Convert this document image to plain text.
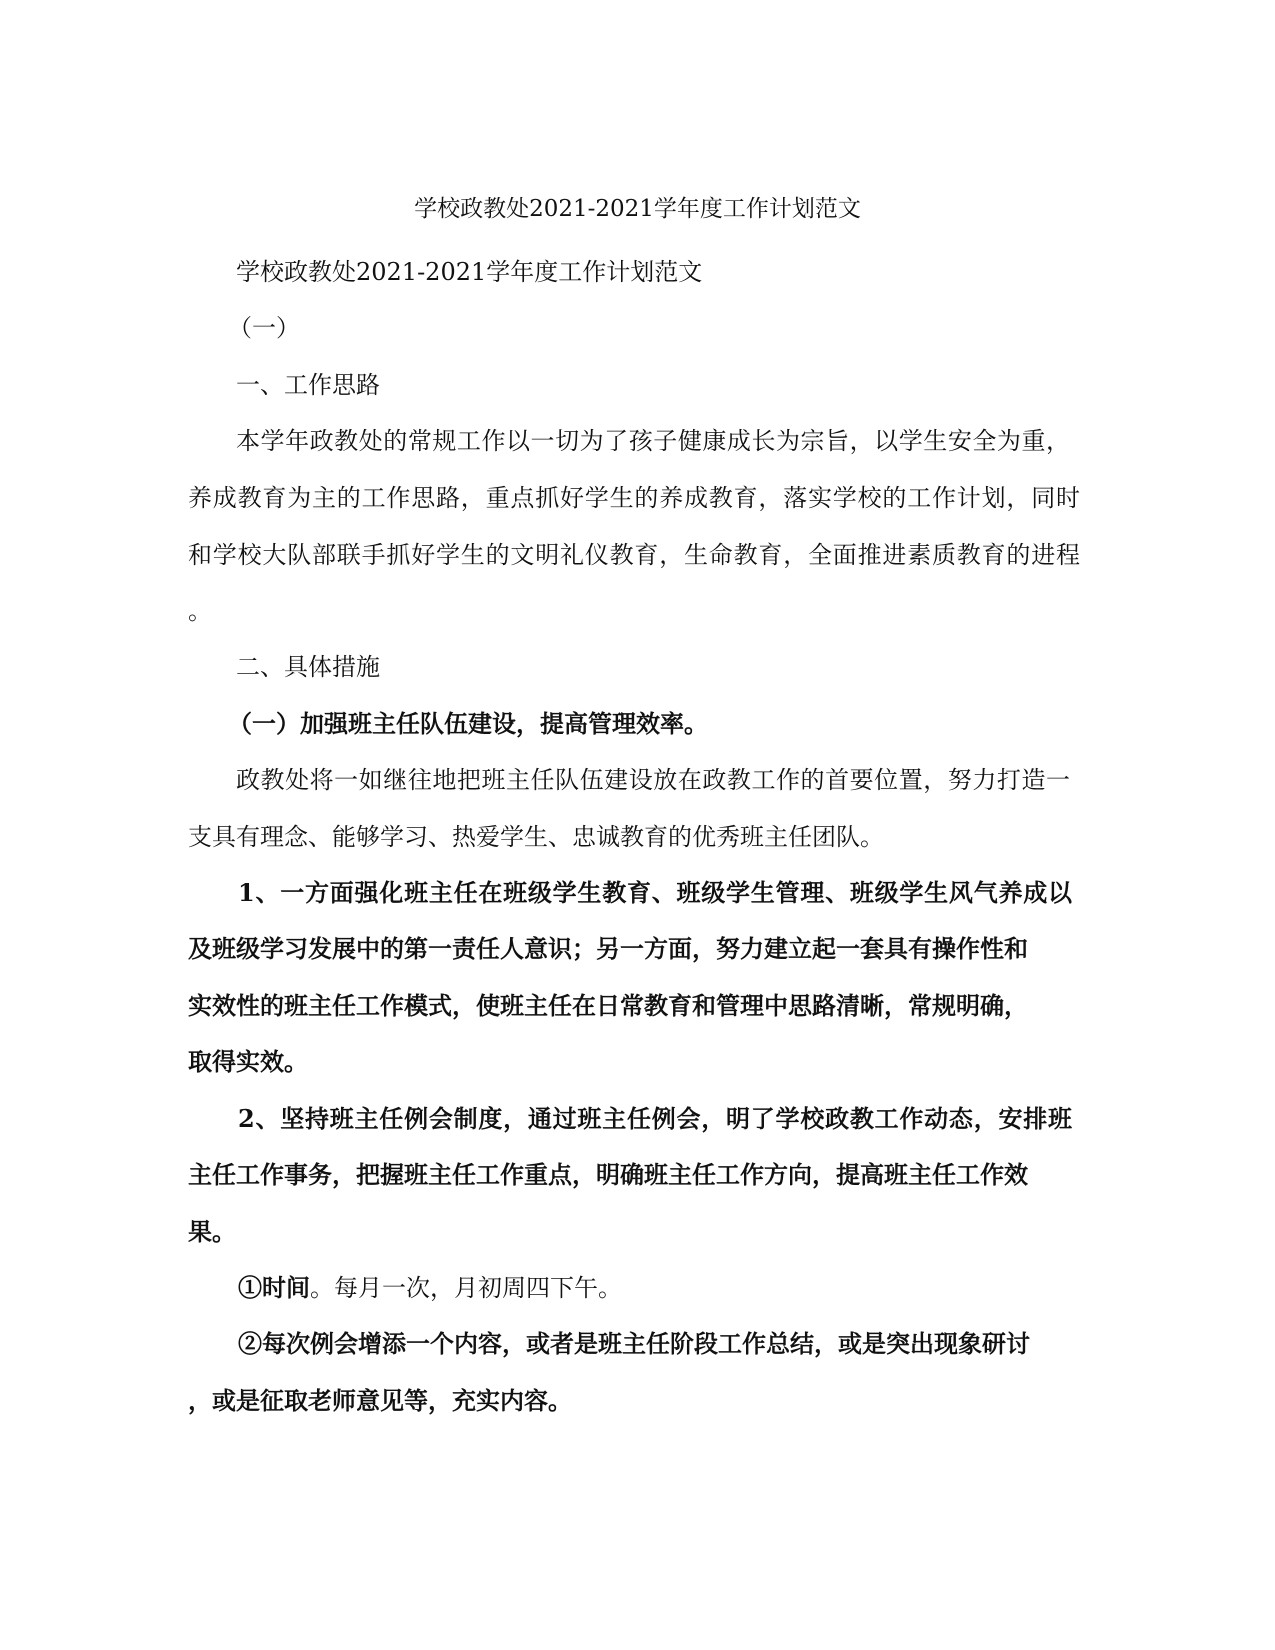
学校政教处2021-2021学年度工作计划范文
学校政教处2021-2021学年度工作计划范文
（一）
一、工作思路
本学年政教处的常规工作以一切为了孩子健康成长为宗旨，以学生安全为重，
养成教育为主的工作思路，重点抓好学生的养成教育，落实学校的工作计划，同时
和学校大队部联手抓好学生的文明礼仪教育，生命教育，全面推进素质教育的进程
。
二、具体措施
（一）加强班主任队伍建设，提高管理效率。
政教处将一如继往地把班主任队伍建设放在政教工作的首要位置，努力打造一
支具有理念、能够学习、热爱学生、忠诚教育的优秀班主任团队。
1、一方面强化班主任在班级学生教育、班级学生管理、班级学生风气养成以
及班级学习发展中的第一责任人意识；另一方面，努力建立起一套具有操作性和
实效性的班主任工作模式，使班主任在日常教育和管理中思路清晰，常规明确，
取得实效。
2、坚持班主任例会制度，通过班主任例会，明了学校政教工作动态，安排班
主任工作事务，把握班主任工作重点，明确班主任工作方向，提高班主任工作效
果。
①时间。每月一次，月初周四下午。
②每次例会增添一个内容，或者是班主任阶段工作总结，或是突出现象研讨
，或是征取老师意见等，充实内容。
